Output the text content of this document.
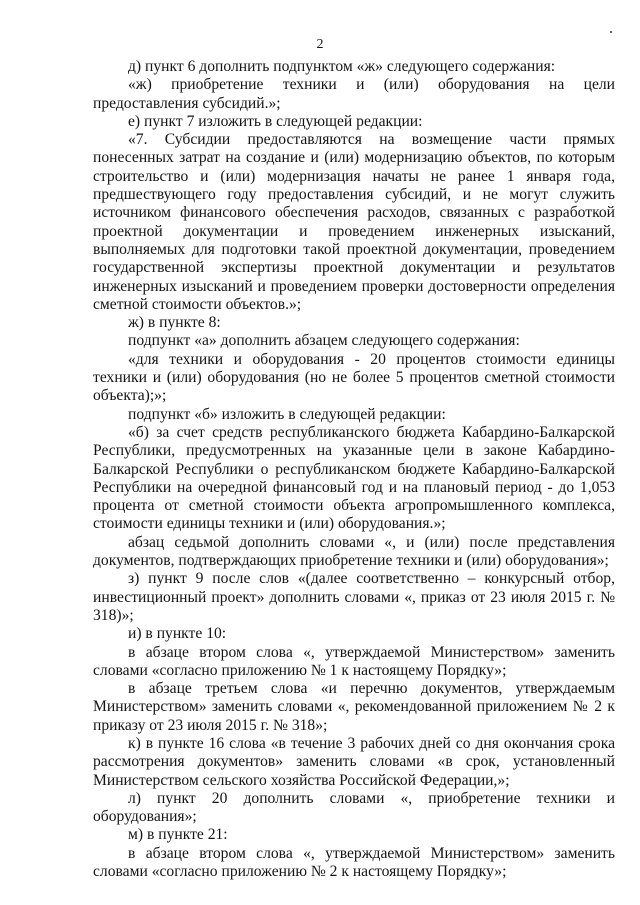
2

д) пункт 6 дополнить подпунктом «ж» следующего содержания:

«ж) приобретение техники и (или) оборудования на цели предоставления субсидий.»;

е) пункт 7 изложить в следующей редакции:

«7. Субсидии предоставляются на возмещение части прямых понесенных затрат на создание и (или) модернизацию объектов, по которым строительство и (или) модернизация начаты не ранее 1 января года, предшествующего году предоставления субсидий, и не могут служить источником финансового обеспечения расходов, связанных с разработкой проектной документации и проведением инженерных изысканий, выполняемых для подготовки такой проектной документации, проведением государственной экспертизы проектной документации и результатов инженерных изысканий и проведением проверки достоверности определения сметной стоимости объектов.»;

ж) в пункте 8:

подпункт «а» дополнить абзацем следующего содержания:

«для техники и оборудования - 20 процентов стоимости единицы техники и (или) оборудования (но не более 5 процентов сметной стоимости объекта);»;

подпункт «б» изложить в следующей редакции:

«б) за счет средств республиканского бюджета Кабардино-Балкарской Республики, предусмотренных на указанные цели в законе Кабардино-Балкарской Республики о республиканском бюджете Кабардино-Балкарской Республики на очередной финансовый год и на плановый период - до 1,053 процента от сметной стоимости объекта агропромышленного комплекса, стоимости единицы техники и (или) оборудования.»;

абзац седьмой дополнить словами «, и (или) после представления документов, подтверждающих приобретение техники и (или) оборудования»;

з) пункт 9 после слов «(далее соответственно – конкурсный отбор, инвестиционный проект» дополнить словами «, приказ от 23 июля 2015 г. № 318)»;

и) в пункте 10:

в абзаце втором слова «, утверждаемой Министерством» заменить словами «согласно приложению № 1 к настоящему Порядку»;

в абзаце третьем слова «и перечню документов, утверждаемым Министерством» заменить словами «, рекомендованной приложением № 2 к приказу от 23 июля 2015 г. № 318»;

к) в пункте 16 слова «в течение 3 рабочих дней со дня окончания срока рассмотрения документов» заменить словами «в срок, установленный Министерством сельского хозяйства Российской Федерации,»;

л) пункт 20 дополнить словами «, приобретение техники и оборудования»;

м) в пункте 21:

в абзаце втором слова «, утверждаемой Министерством» заменить словами «согласно приложению № 2 к настоящему Порядку»;
